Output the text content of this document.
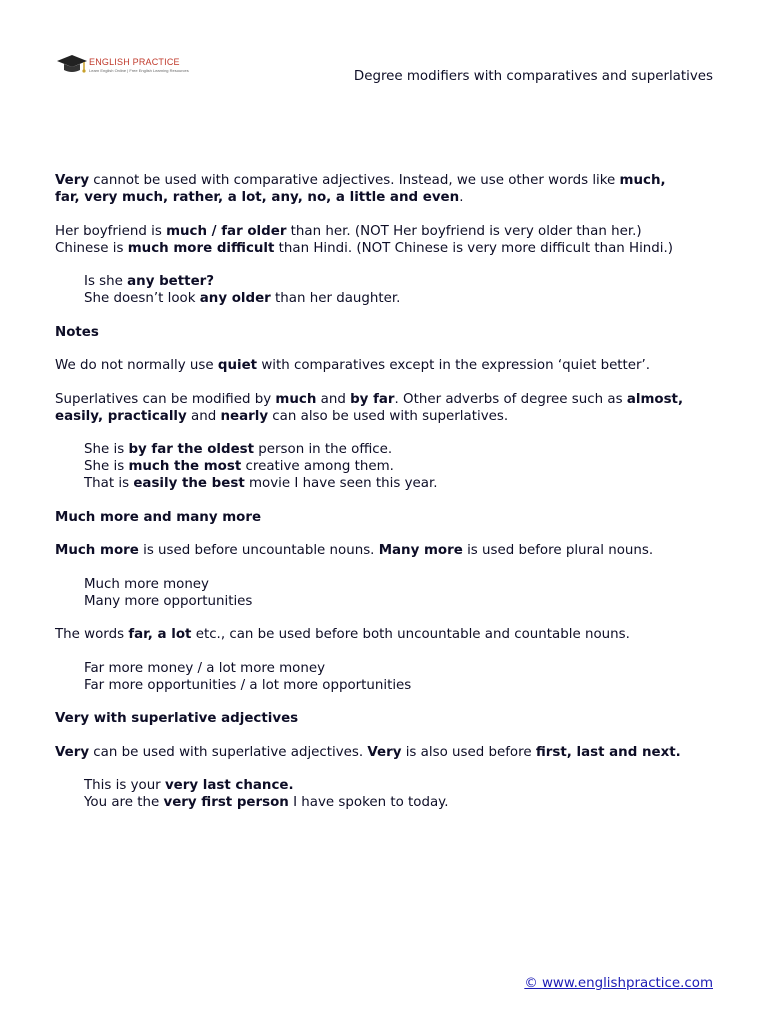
ENGLISH PRACTICE
Learn English Online | Free English Learning Resources	Degree modifiers with comparatives and superlatives
Very cannot be used with comparative adjectives. Instead, we use other words like much,
far, very much, rather, a lot, any, no, a little and even.
Her boyfriend is much / far older than her. (NOT Her boyfriend is very older than her.)
Chinese is much more difficult than Hindi. (NOT Chinese is very more difficult than Hindi.)
Is she any better?
She doesn’t look any older than her daughter.
Notes
We do not normally use quiet with comparatives except in the expression ‘quiet better’.
Superlatives can be modified by much and by far. Other adverbs of degree such as almost,
easily, practically and nearly can also be used with superlatives.
She is by far the oldest person in the office.
She is much the most creative among them.
That is easily the best movie I have seen this year.
Much more and many more
Much more is used before uncountable nouns. Many more is used before plural nouns.
Much more money
Many more opportunities
The words far, a lot etc., can be used before both uncountable and countable nouns.
Far more money / a lot more money
Far more opportunities / a lot more opportunities
Very with superlative adjectives
Very can be used with superlative adjectives. Very is also used before first, last and next.
This is your very last chance.
You are the very first person I have spoken to today.
© www.englishpractice.com
